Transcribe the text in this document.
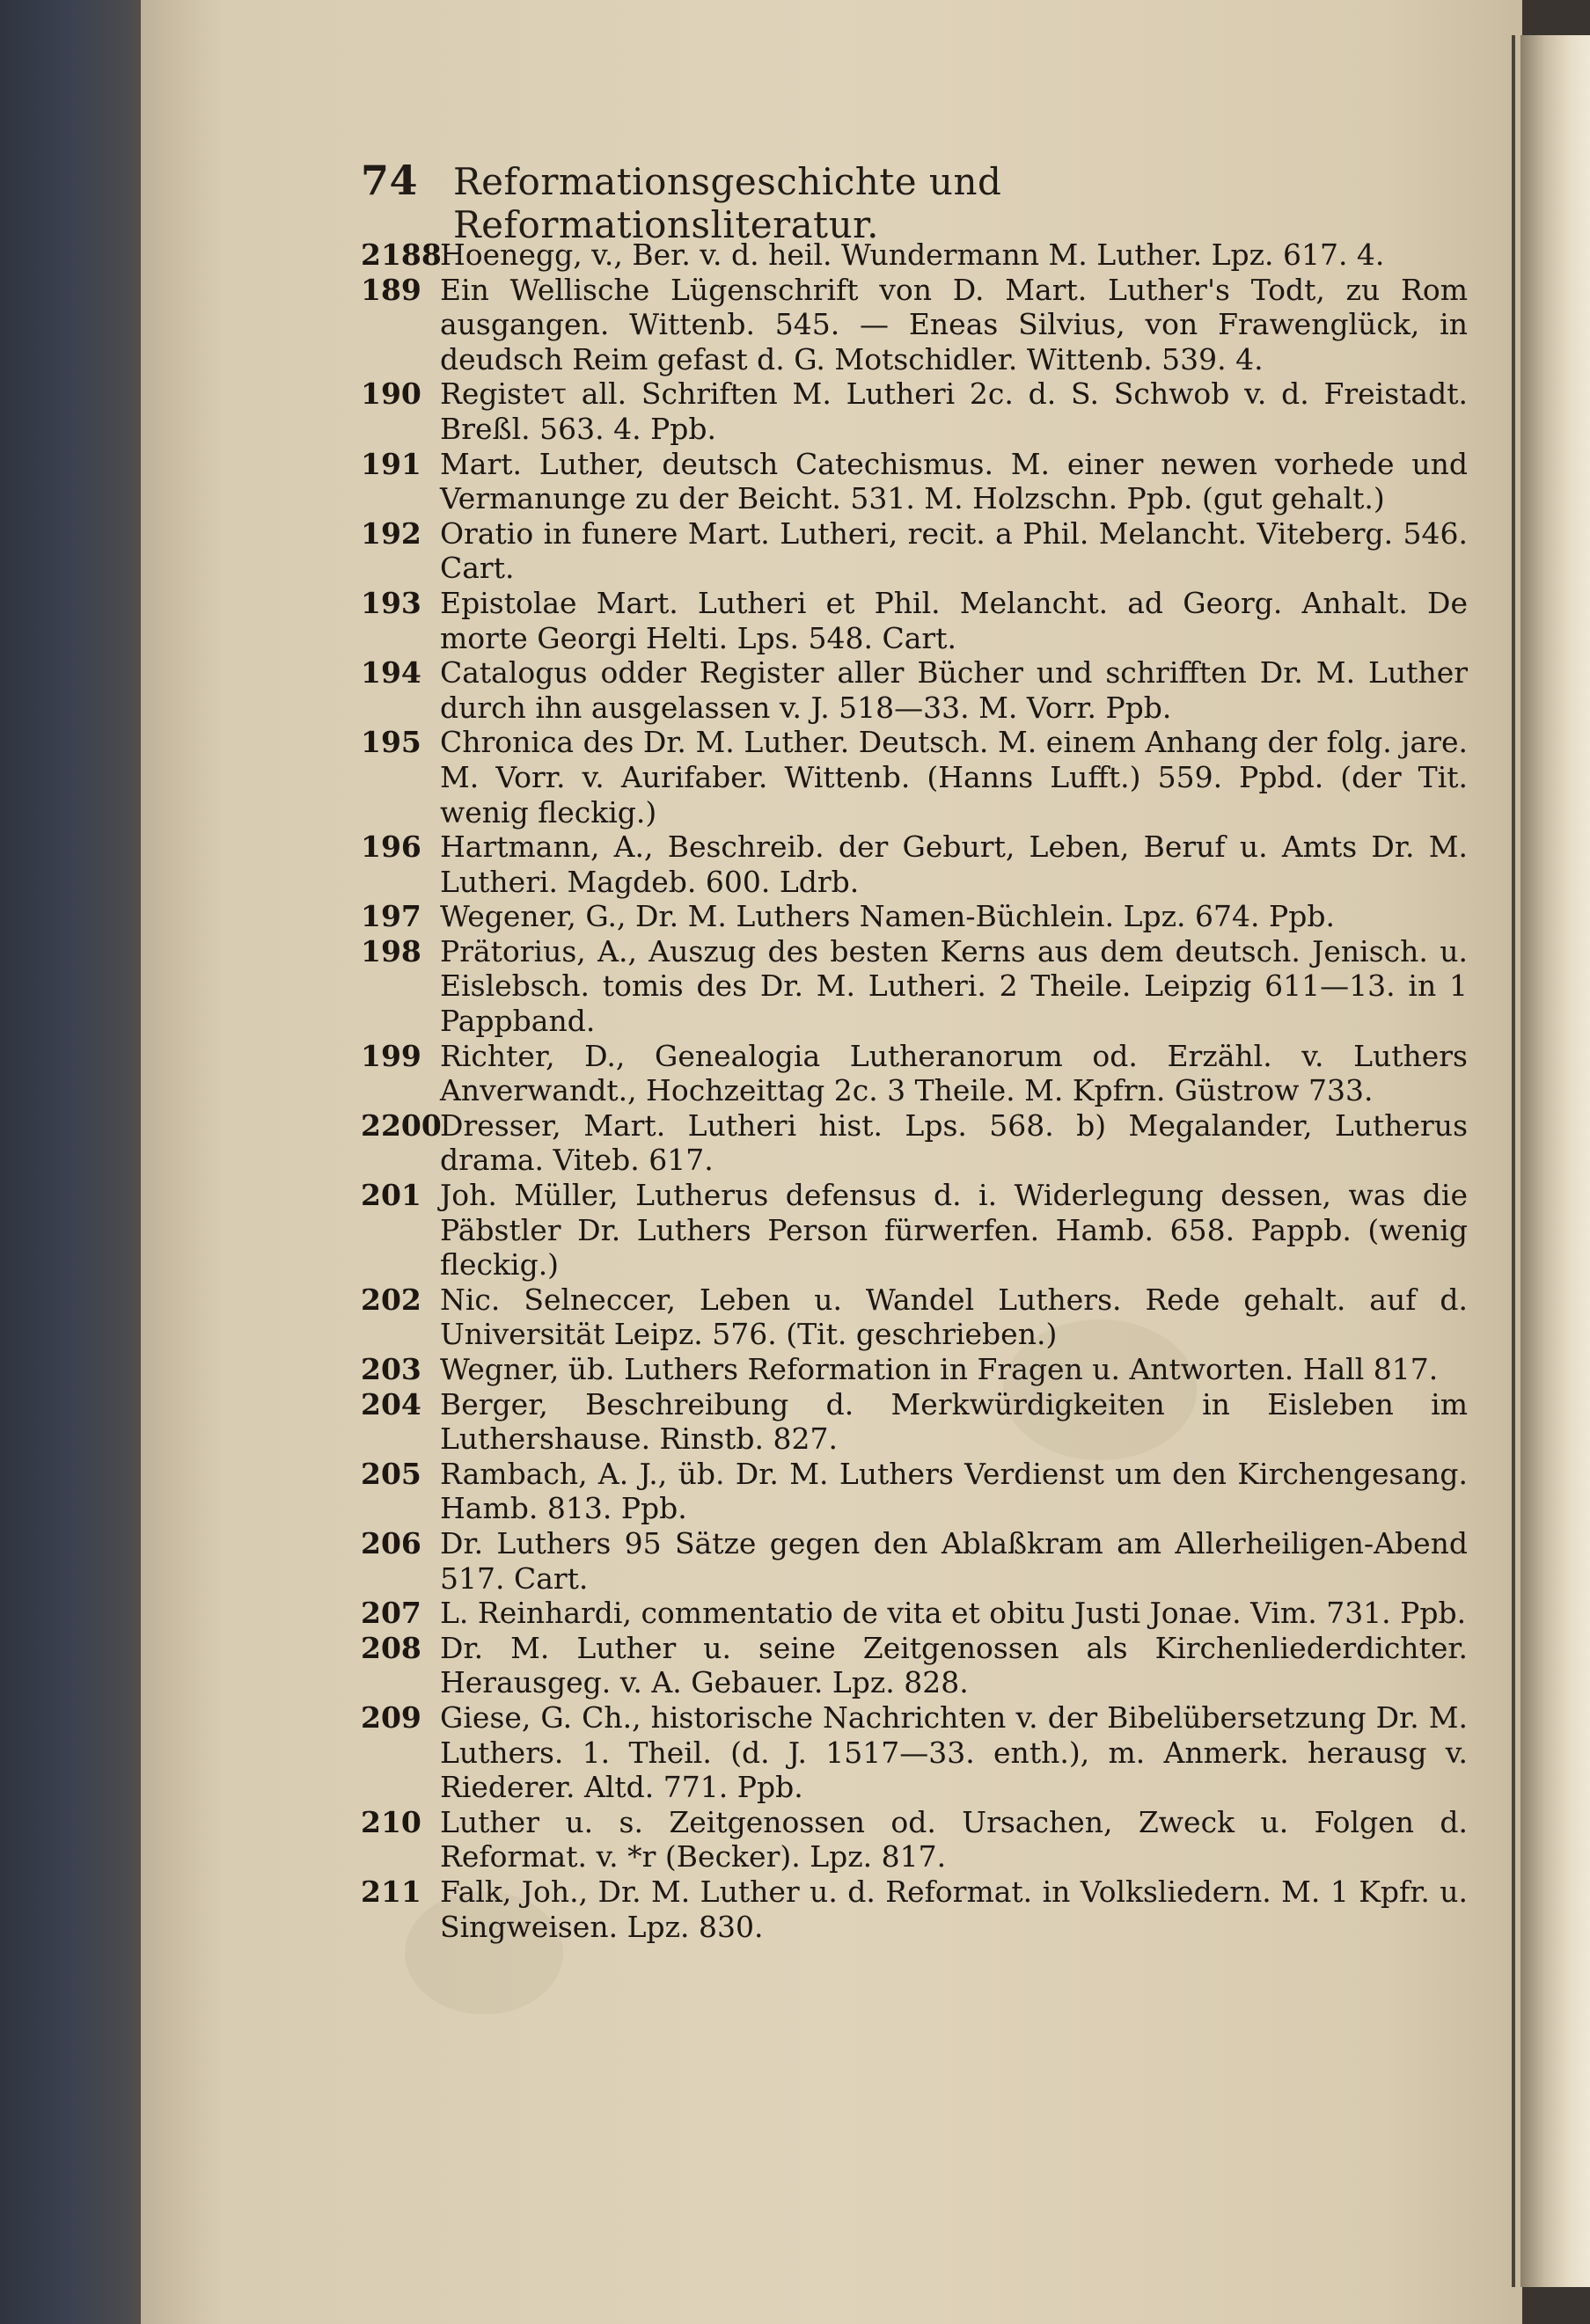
74 Reformationsgeschichte und Reformationsliteratur.
2188
Hoenegg, v., Ber. v. d. heil. Wundermann M. Luther. Lpz. 617. 4.
189 Ein Wellische Lügenschrift von D. Mart. Luther's Todt, zu Rom ausgangen. Wittenb. 545. — Eneas Silvius, von Frawenglück, in deudsch Reim gefast d. G. Motschidler. Wittenb. 539. 4.
190 Registeτ all. Schriften M. Lutheri 2c. d. S. Schwob v. d. Freistadt. Breßl. 563. 4. Ppb.
191 Mart. Luther, deutsch Catechismus. M. einer newen vorhede und Vermanunge zu der Beicht. 531. M. Holzschn. Ppb. (gut gehalt.)
192 Oratio in funere Mart. Lutheri, recit. a Phil. Melancht. Viteberg. 546. Cart.
193 Epistolae Mart. Lutheri et Phil. Melancht. ad Georg. Anhalt. De morte Georgi Helti. Lps. 548. Cart.
194 Catalogus odder Register aller Bücher und schrifften Dr. M. Luther durch ihn ausgelassen v. J. 518—33. M. Vorr. Ppb.
195 Chronica des Dr. M. Luther. Deutsch. M. einem Anhang der folg. jare. M. Vorr. v. Aurifaber. Wittenb. (Hanns Lufft.) 559. Ppbd. (der Tit. wenig fleckig.)
196 Hartmann, A., Beschreib. der Geburt, Leben, Beruf u. Amts Dr. M. Lutheri. Magdeb. 600. Ldrb.
197 Wegener, G., Dr. M. Luthers Namen-Büchlein. Lpz. 674. Ppb.
198 Prätorius, A., Auszug des besten Kerns aus dem deutsch. Jenisch. u. Eislebsch. tomis des Dr. M. Lutheri. 2 Theile. Leipzig 611—13. in 1 Pappband.
199 Richter, D., Genealogia Lutheranorum od. Erzähl. v. Luthers Anverwandt., Hochzeittag 2c. 3 Theile. M. Kpfrn. Güstrow 733.
2200
Dresser, Mart. Lutheri hist. Lps. 568. b) Megalander, Lutherus drama. Viteb. 617.
201 Joh. Müller, Lutherus defensus d. i. Widerlegung dessen, was die Päbstler Dr. Luthers Person fürwerfen. Hamb. 658. Pappb. (wenig fleckig.)
202 Nic. Selneccer, Leben u. Wandel Luthers. Rede gehalt. auf d. Universität Leipz. 576. (Tit. geschrieben.)
203 Wegner, üb. Luthers Reformation in Fragen u. Antworten. Hall 817.
204 Berger, Beschreibung d. Merkwürdigkeiten in Eisleben im Luthershause. Rinstb. 827.
205 Rambach, A. J., üb. Dr. M. Luthers Verdienst um den Kirchengesang. Hamb. 813. Ppb.
206 Dr. Luthers 95 Sätze gegen den Ablaßkram am Allerheiligen-Abend 517. Cart.
207 L. Reinhardi, commentatio de vita et obitu Justi Jonae. Vim. 731. Ppb.
208 Dr. M. Luther u. seine Zeitgenossen als Kirchenliederdichter. Herausgeg. v. A. Gebauer. Lpz. 828.
209 Giese, G. Ch., historische Nachrichten v. der Bibelübersetzung Dr. M. Luthers. 1. Theil. (d. J. 1517—33. enth.), m. Anmerk. herausg v. Riederer. Altd. 771. Ppb.
210 Luther u. s. Zeitgenossen od. Ursachen, Zweck u. Folgen d. Reformat. v. *r (Becker). Lpz. 817.
211 Falk, Joh., Dr. M. Luther u. d. Reformat. in Volksliedern. M. 1 Kpfr. u. Singweisen. Lpz. 830.
